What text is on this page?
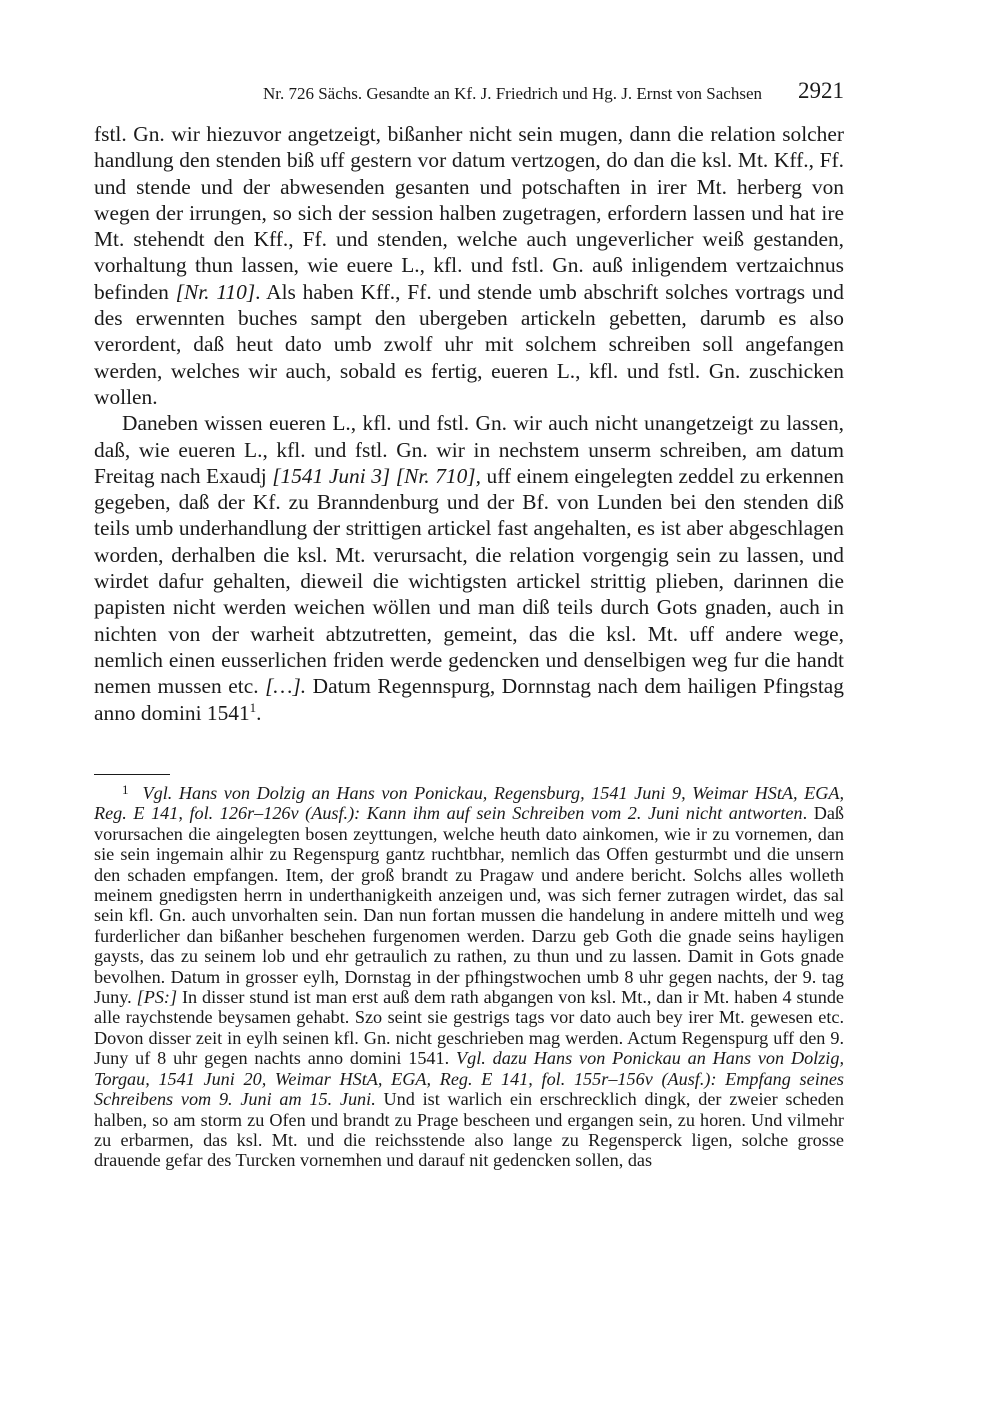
Nr. 726 Sächs. Gesandte an Kf. J. Friedrich und Hg. J. Ernst von Sachsen 2921

fstl. Gn. wir hiezuvor angetzeigt, bißanher nicht sein mugen, dann die relation solcher handlung den stenden biß uff gestern vor datum vertzogen, do dan die ksl. Mt. Kff., Ff. und stende und der abwesenden gesanten und potschaften in irer Mt. herberg von wegen der irrungen, so sich der session halben zugetragen, erfordern lassen und hat ire Mt. stehendt den Kff., Ff. und stenden, welche auch ungeverlicher weiß gestanden, vorhaltung thun lassen, wie euere L., kfl. und fstl. Gn. auß inligendem vertzaichnus befinden [Nr. 110]. Als haben Kff., Ff. und stende umb abschrift solches vortrags und des erwennten buches sampt den ubergeben artickeln gebetten, darumb es also verordent, daß heut dato umb zwolf uhr mit solchem schreiben soll angefangen werden, welches wir auch, sobald es fertig, eueren L., kfl. und fstl. Gn. zuschicken wollen.

Daneben wissen eueren L., kfl. und fstl. Gn. wir auch nicht unangetzeigt zu lassen, daß, wie eueren L., kfl. und fstl. Gn. wir in nechstem unserm schreiben, am datum Freitag nach Exaudj [1541 Juni 3] [Nr. 710], uff einem eingelegten zeddel zu erkennen gegeben, daß der Kf. zu Branndenburg und der Bf. von Lunden bei den stenden diß teils umb underhandlung der strittigen artickel fast angehalten, es ist aber abgeschlagen worden, derhalben die ksl. Mt. verursacht, die relation vorgengig sein zu lassen, und wirdet dafur gehalten, dieweil die wichtigsten artickel strittig plieben, darinnen die papisten nicht werden weichen wöllen und man diß teils durch Gots gnaden, auch in nichten von der warheit abtzutretten, gemeint, das die ksl. Mt. uff andere wege, nemlich einen eusserlichen friden werde gedencken und denselbigen weg fur die handt nemen mussen etc. […]. Datum Regennspurg, Dornnstag nach dem hailigen Pfingstag anno domini 1541$^1$.

$^1$ Vgl. Hans von Dolzig an Hans von Ponickau, Regensburg, 1541 Juni 9, Weimar HStA, EGA, Reg. E 141, fol. 126r–126v (Ausf.): Kann ihm auf sein Schreiben vom 2. Juni nicht antworten. Daß vorursachen die aingelegten bosen zeyttungen, welche heuth dato ainkomen, wie ir zu vornemen, dan sie sein ingemain alhir zu Regenspurg gantz ruchtbhar, nemlich das Offen gesturmbt und die unsern den schaden empfangen. Item, der groß brandt zu Pragaw und andere bericht. Solchs alles wolleth meinem gnedigsten herrn in underthanigkeith anzeigen und, was sich ferner zutragen wirdet, das sal sein kfl. Gn. auch unvorhalten sein. Dan nun fortan mussen die handelung in andere mittelh und weg furderlicher dan bißanher beschehen furgenomen werden. Darzu geb Goth die gnade seins hayligen gaysts, das zu seinem lob und ehr getraulich zu rathen, zu thun und zu lassen. Damit in Gots gnade bevolhen. Datum in grosser eylh, Dornstag in der pfhingstwochen umb 8 uhr gegen nachts, der 9. tag Juny. [PS:] In disser stund ist man erst auß dem rath abgangen von ksl. Mt., dan ir Mt. haben 4 stunde alle raychstende beysamen gehabt. Szo seint sie gestrigs tags vor dato auch bey irer Mt. gewesen etc. Dovon disser zeit in eylh seinen kfl. Gn. nicht geschrieben mag werden. Actum Regenspurg uff den 9. Juny uf 8 uhr gegen nachts anno domini 1541. Vgl. dazu Hans von Ponickau an Hans von Dolzig, Torgau, 1541 Juni 20, Weimar HStA, EGA, Reg. E 141, fol. 155r–156v (Ausf.): Empfang seines Schreibens vom 9. Juni am 15. Juni. Und ist warlich ein erschrecklich dingk, der zweier scheden halben, so am storm zu Ofen und brandt zu Prage bescheen und ergangen sein, zu horen. Und vilmehr zu erbarmen, das ksl. Mt. und die reichsstende also lange zu Regensperck ligen, solche grosse drauende gefar des Turcken vornemhen und darauf nit gedencken sollen, das
